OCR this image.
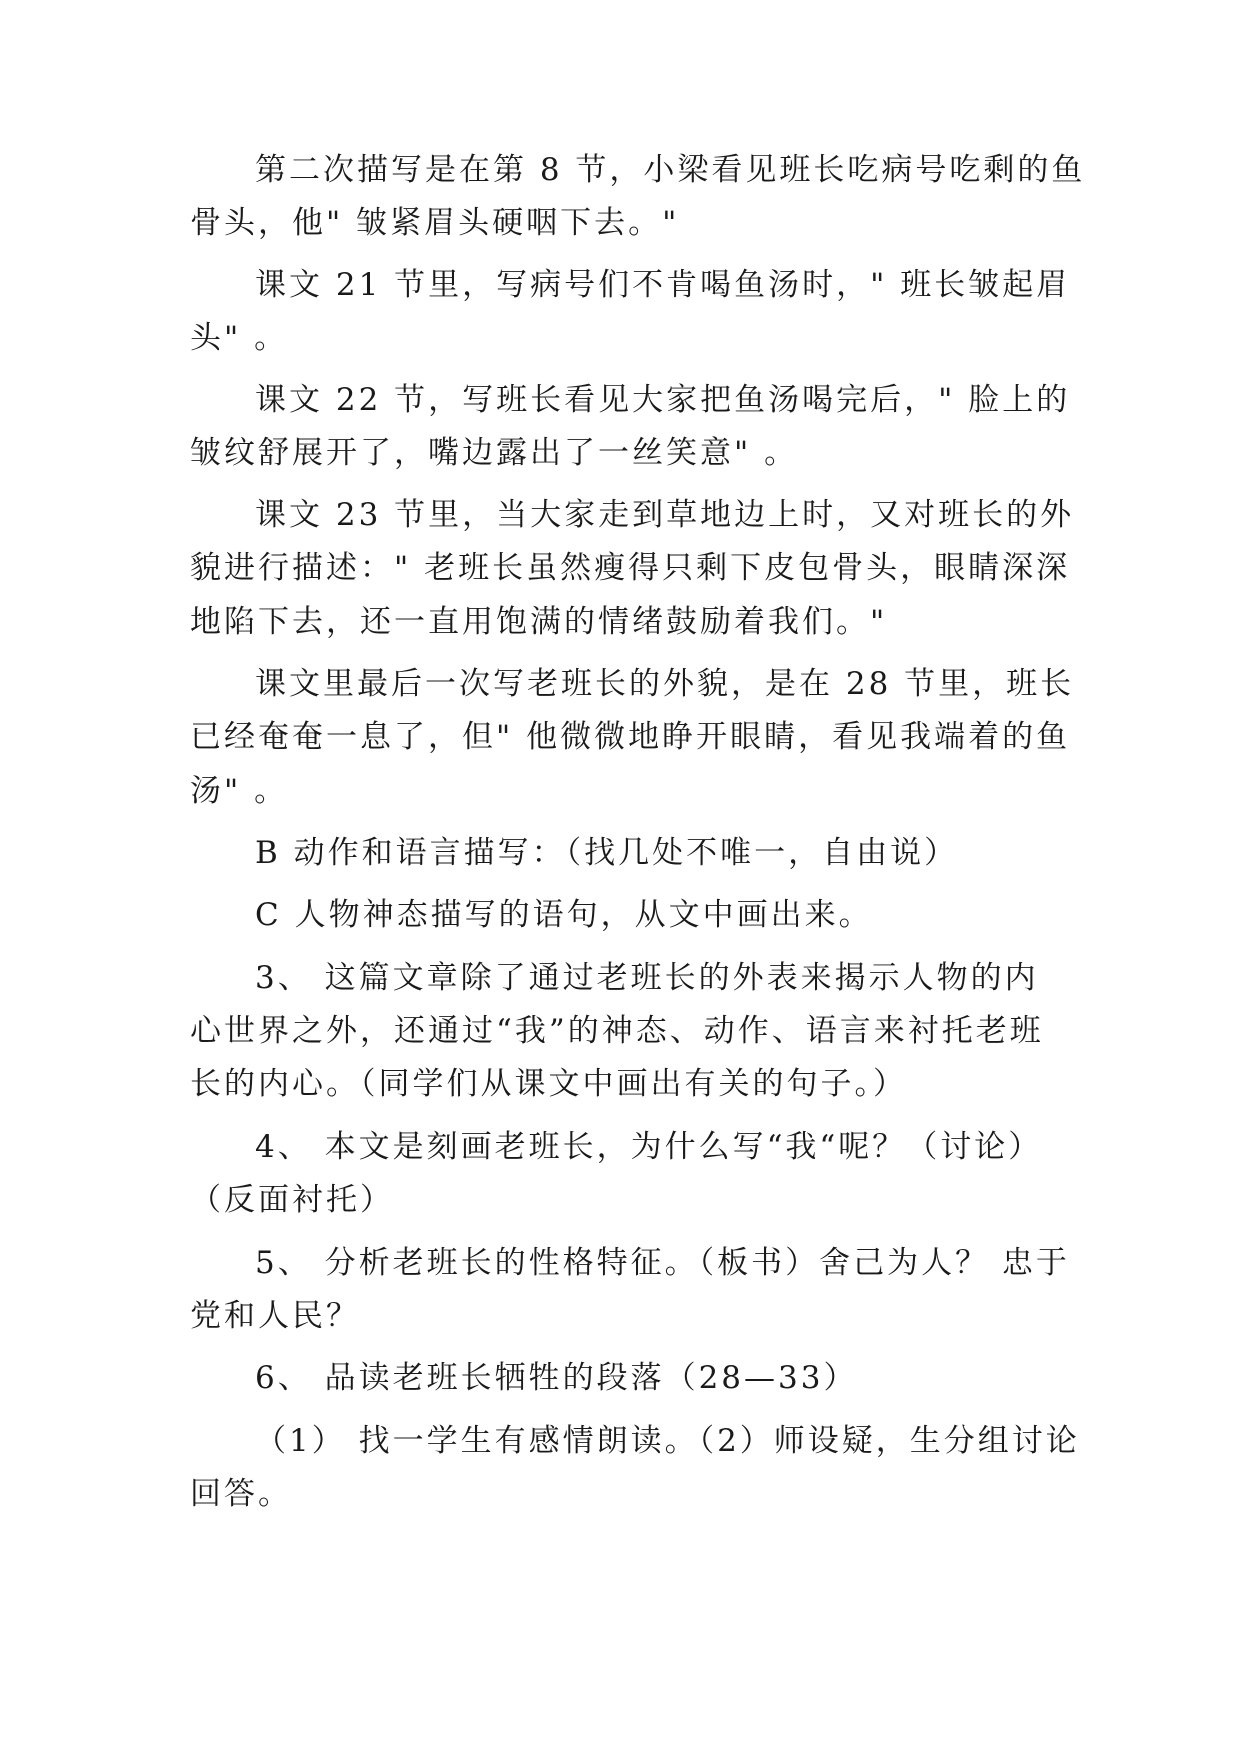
第二次描写是在第 8 节，小梁看见班长吃病号吃剩的鱼
骨头，他" 皱紧眉头硬咽下去。"
课文 21 节里，写病号们不肯喝鱼汤时，" 班长皱起眉
头" 。
课文 22 节，写班长看见大家把鱼汤喝完后，" 脸上的
皱纹舒展开了，嘴边露出了一丝笑意" 。
课文 23 节里，当大家走到草地边上时，又对班长的外
貌进行描述：" 老班长虽然瘦得只剩下皮包骨头，眼睛深深
地陷下去，还一直用饱满的情绪鼓励着我们。"
课文里最后一次写老班长的外貌，是在 28 节里，班长
已经奄奄一息了，但" 他微微地睁开眼睛，看见我端着的鱼
汤" 。
B 动作和语言描写：（找几处不唯一，自由说）
C 人物神态描写的语句，从文中画出来。
3、 这篇文章除了通过老班长的外表来揭示人物的内
心世界之外，还通过“我”的神态、动作、语言来衬托老班
长的内心。（同学们从课文中画出有关的句子。）
4、 本文是刻画老班长，为什么写“我“呢？（讨论）
（反面衬托）
5、 分析老班长的性格特征。（板书）舍己为人？ 忠于
党和人民？
6、 品读老班长牺牲的段落（28—33）
（1） 找一学生有感情朗读。（2）师设疑，生分组讨论
回答。
